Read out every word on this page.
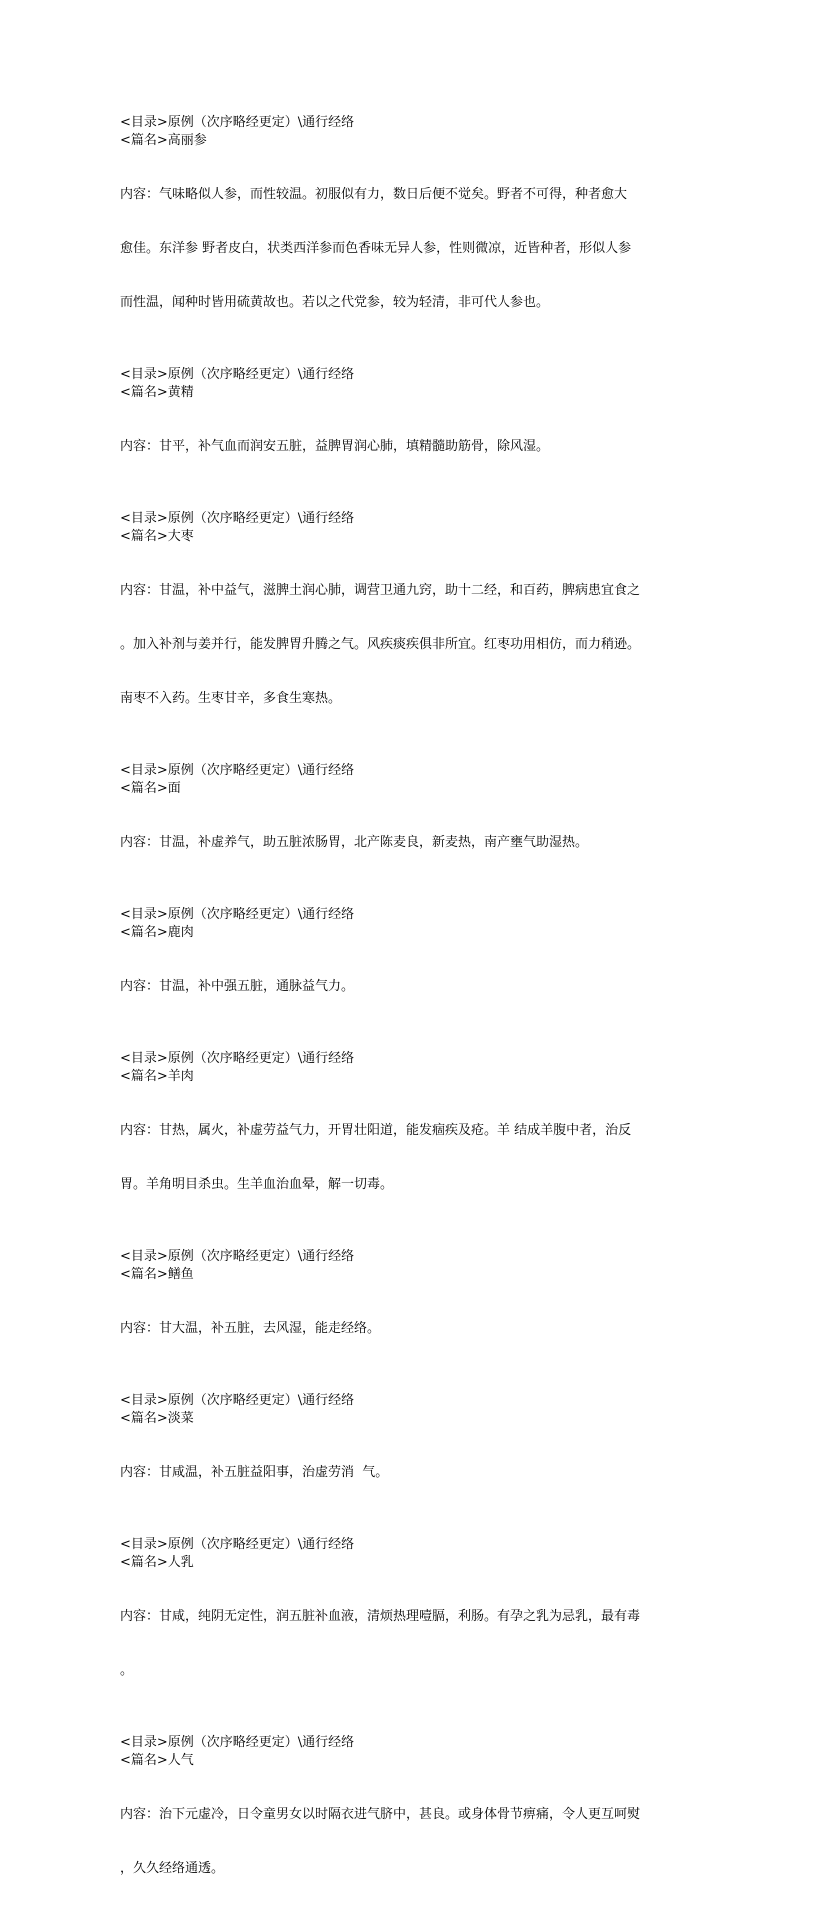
<目录>原例（次序略经更定）\通行经络
<篇名>高丽参

内容：气味略似人参，而性较温。初服似有力，数日后便不觉矣。野者不可得，种者愈大

愈佳。东洋参 野者皮白，状类西洋参而色香味无异人参，性则微凉，近皆种者，形似人参

而性温，闻种时皆用硫黄故也。若以之代党参，较为轻清，非可代人参也。

<目录>原例（次序略经更定）\通行经络
<篇名>黄精

内容：甘平，补气血而润安五脏，益脾胃润心肺，填精髓助筋骨，除风湿。

<目录>原例（次序略经更定）\通行经络
<篇名>大枣

内容：甘温，补中益气，滋脾土润心肺，调营卫通九窍，助十二经，和百药，脾病患宜食之

。加入补剂与姜并行，能发脾胃升腾之气。风疾痰疾俱非所宜。红枣功用相仿，而力稍逊。

南枣不入药。生枣甘辛，多食生寒热。

<目录>原例（次序略经更定）\通行经络
<篇名>面

内容：甘温，补虚养气，助五脏浓肠胃，北产陈麦良，新麦热，南产壅气助湿热。

<目录>原例（次序略经更定）\通行经络
<篇名>鹿肉

内容：甘温，补中强五脏，通脉益气力。

<目录>原例（次序略经更定）\通行经络
<篇名>羊肉

内容：甘热，属火，补虚劳益气力，开胃壮阳道，能发痼疾及疮。羊 结成羊腹中者，治反

胃。羊角明目杀虫。生羊血治血晕，解一切毒。

<目录>原例（次序略经更定）\通行经络
<篇名>鳝鱼

内容：甘大温，补五脏，去风湿，能走经络。

<目录>原例（次序略经更定）\通行经络
<篇名>淡菜

内容：甘咸温，补五脏益阳事，治虚劳消  气。

<目录>原例（次序略经更定）\通行经络
<篇名>人乳

内容：甘咸，纯阴无定性，润五脏补血液，清烦热理噎膈，利肠。有孕之乳为忌乳，最有毒

。

<目录>原例（次序略经更定）\通行经络
<篇名>人气

内容：治下元虚冷，日令童男女以时隔衣进气脐中，甚良。或身体骨节痹痛，令人更互呵熨

，久久经络通透。
